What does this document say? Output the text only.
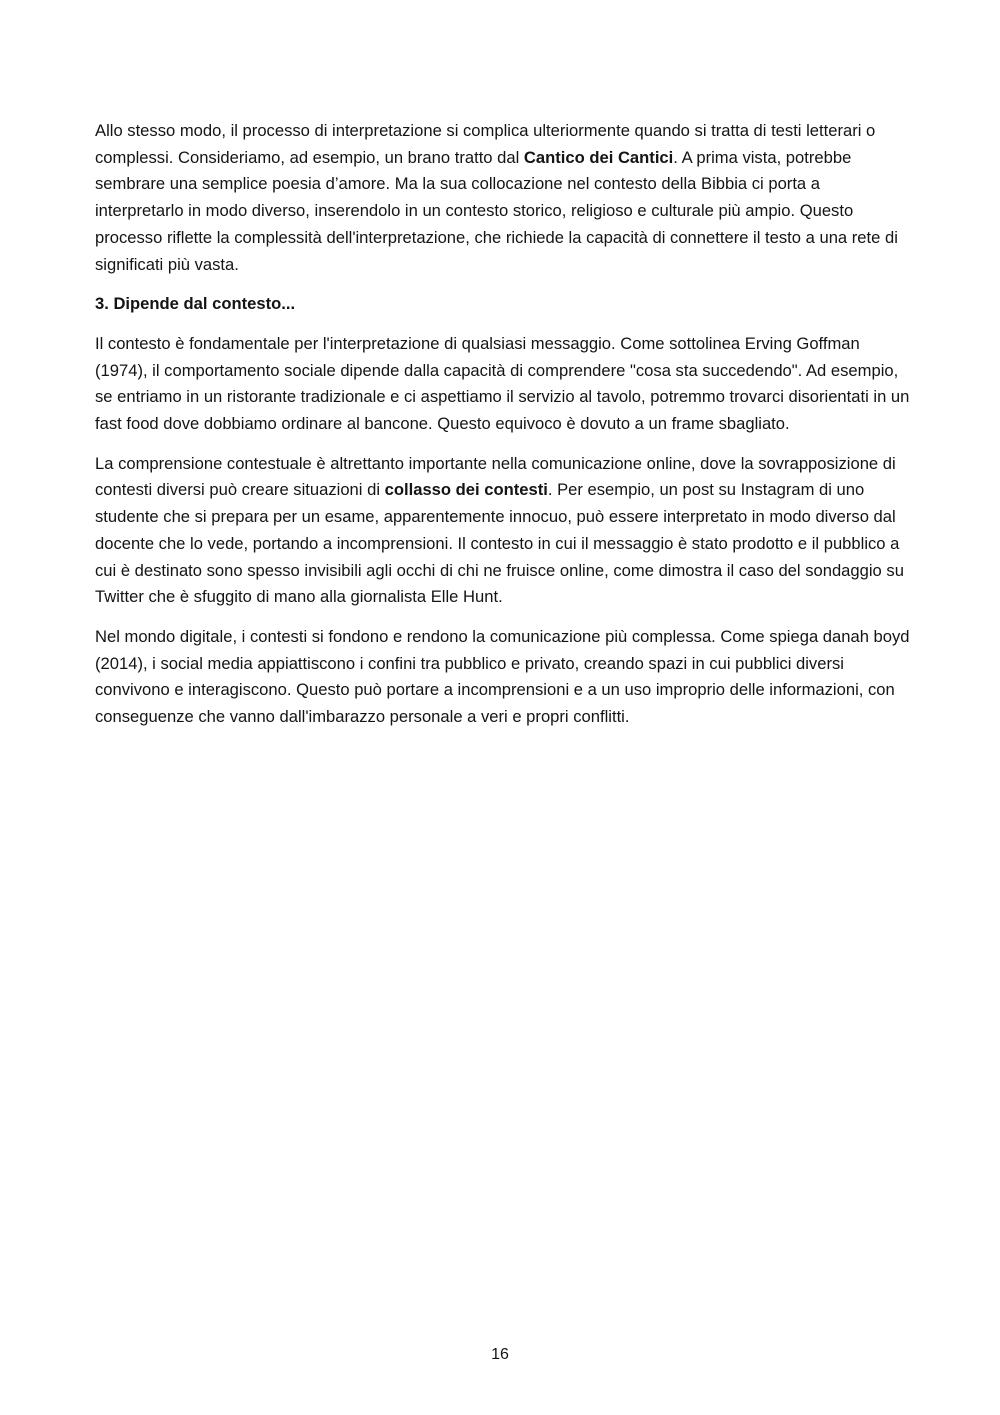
Allo stesso modo, il processo di interpretazione si complica ulteriormente quando si tratta di testi letterari o complessi. Consideriamo, ad esempio, un brano tratto dal Cantico dei Cantici. A prima vista, potrebbe sembrare una semplice poesia d’amore. Ma la sua collocazione nel contesto della Bibbia ci porta a interpretarlo in modo diverso, inserendolo in un contesto storico, religioso e culturale più ampio. Questo processo riflette la complessità dell'interpretazione, che richiede la capacità di connettere il testo a una rete di significati più vasta.

3. Dipende dal contesto...

Il contesto è fondamentale per l'interpretazione di qualsiasi messaggio. Come sottolinea Erving Goffman (1974), il comportamento sociale dipende dalla capacità di comprendere "cosa sta succedendo". Ad esempio, se entriamo in un ristorante tradizionale e ci aspettiamo il servizio al tavolo, potremmo trovarci disorientati in un fast food dove dobbiamo ordinare al bancone. Questo equivoco è dovuto a un frame sbagliato.

La comprensione contestuale è altrettanto importante nella comunicazione online, dove la sovrapposizione di contesti diversi può creare situazioni di collasso dei contesti. Per esempio, un post su Instagram di uno studente che si prepara per un esame, apparentemente innocuo, può essere interpretato in modo diverso dal docente che lo vede, portando a incomprensioni. Il contesto in cui il messaggio è stato prodotto e il pubblico a cui è destinato sono spesso invisibili agli occhi di chi ne fruisce online, come dimostra il caso del sondaggio su Twitter che è sfuggito di mano alla giornalista Elle Hunt.

Nel mondo digitale, i contesti si fondono e rendono la comunicazione più complessa. Come spiega danah boyd (2014), i social media appiattiscono i confini tra pubblico e privato, creando spazi in cui pubblici diversi convivono e interagiscono. Questo può portare a incomprensioni e a un uso improprio delle informazioni, con conseguenze che vanno dall'imbarazzo personale a veri e propri conflitti.

16
